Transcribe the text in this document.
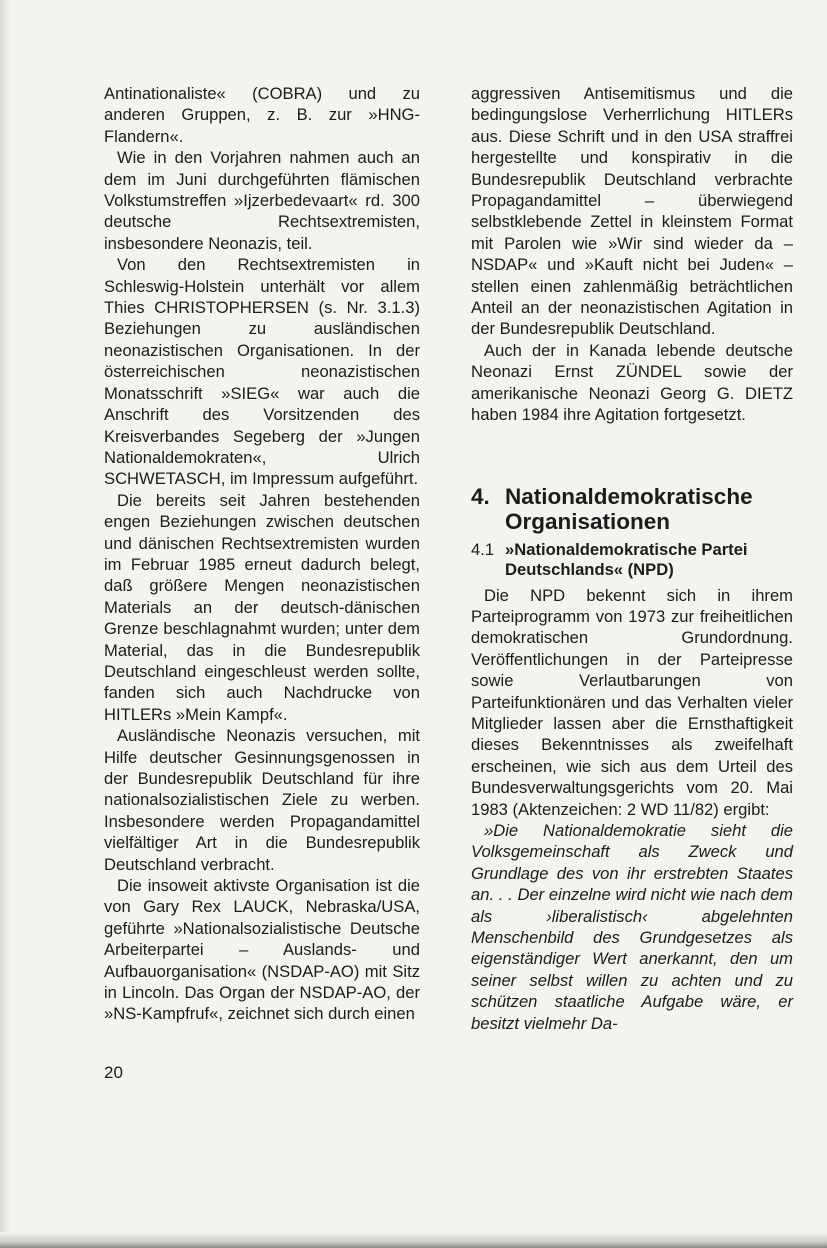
Antinationaliste« (COBRA) und zu anderen Gruppen, z. B. zur »HNG-Flandern«.

Wie in den Vorjahren nahmen auch an dem im Juni durchgeführten flämischen Volkstumstreffen »Ijzerbedevaart« rd. 300 deutsche Rechtsextremisten, insbesondere Neonazis, teil.

Von den Rechtsextremisten in Schleswig-Holstein unterhält vor allem Thies CHRISTOPHERSEN (s. Nr. 3.1.3) Beziehungen zu ausländischen neonazistischen Organisationen. In der österreichischen neonazistischen Monatsschrift »SIEG« war auch die Anschrift des Vorsitzenden des Kreisverbandes Segeberg der »Jungen Nationaldemokraten«, Ulrich SCHWETASCH, im Impressum aufgeführt.

Die bereits seit Jahren bestehenden engen Beziehungen zwischen deutschen und dänischen Rechtsextremisten wurden im Februar 1985 erneut dadurch belegt, daß größere Mengen neonazistischen Materials an der deutsch-dänischen Grenze beschlagnahmt wurden; unter dem Material, das in die Bundesrepublik Deutschland eingeschleust werden sollte, fanden sich auch Nachdrucke von HITLERs »Mein Kampf«.

Ausländische Neonazis versuchen, mit Hilfe deutscher Gesinnungsgenossen in der Bundesrepublik Deutschland für ihre nationalsozialistischen Ziele zu werben. Insbesondere werden Propagandamittel vielfältiger Art in die Bundesrepublik Deutschland verbracht.

Die insoweit aktivste Organisation ist die von Gary Rex LAUCK, Nebraska/USA, geführte »Nationalsozialistische Deutsche Arbeiterpartei – Auslands- und Aufbauorganisation« (NSDAP-AO) mit Sitz in Lincoln. Das Organ der NSDAP-AO, der »NS-Kampfruf«, zeichnet sich durch einen

aggressiven Antisemitismus und die bedingungslose Verherrlichung HITLERs aus. Diese Schrift und in den USA straffrei hergestellte und konspirativ in die Bundesrepublik Deutschland verbrachte Propagandamittel – überwiegend selbstklebende Zettel in kleinstem Format mit Parolen wie »Wir sind wieder da – NSDAP« und »Kauft nicht bei Juden« – stellen einen zahlenmäßig beträchtlichen Anteil an der neonazistischen Agitation in der Bundesrepublik Deutschland.

Auch der in Kanada lebende deutsche Neonazi Ernst ZÜNDEL sowie der amerikanische Neonazi Georg G. DIETZ haben 1984 ihre Agitation fortgesetzt.

4. Nationaldemokratische Organisationen
4.1 »Nationaldemokratische Partei Deutschlands« (NPD)

Die NPD bekennt sich in ihrem Parteiprogramm von 1973 zur freiheitlichen demokratischen Grundordnung. Veröffentlichungen in der Parteipresse sowie Verlautbarungen von Parteifunktionären und das Verhalten vieler Mitglieder lassen aber die Ernsthaftigkeit dieses Bekenntnisses als zweifelhaft erscheinen, wie sich aus dem Urteil des Bundesverwaltungsgerichts vom 20. Mai 1983 (Aktenzeichen: 2 WD 11/82) ergibt:

»Die Nationaldemokratie sieht die Volksgemeinschaft als Zweck und Grundlage des von ihr erstrebten Staates an. . . Der einzelne wird nicht wie nach dem als ›liberalistisch‹ abgelehnten Menschenbild des Grundgesetzes als eigenständiger Wert anerkannt, den um seiner selbst willen zu achten und zu schützen staatliche Aufgabe wäre, er besitzt vielmehr Da-

20
